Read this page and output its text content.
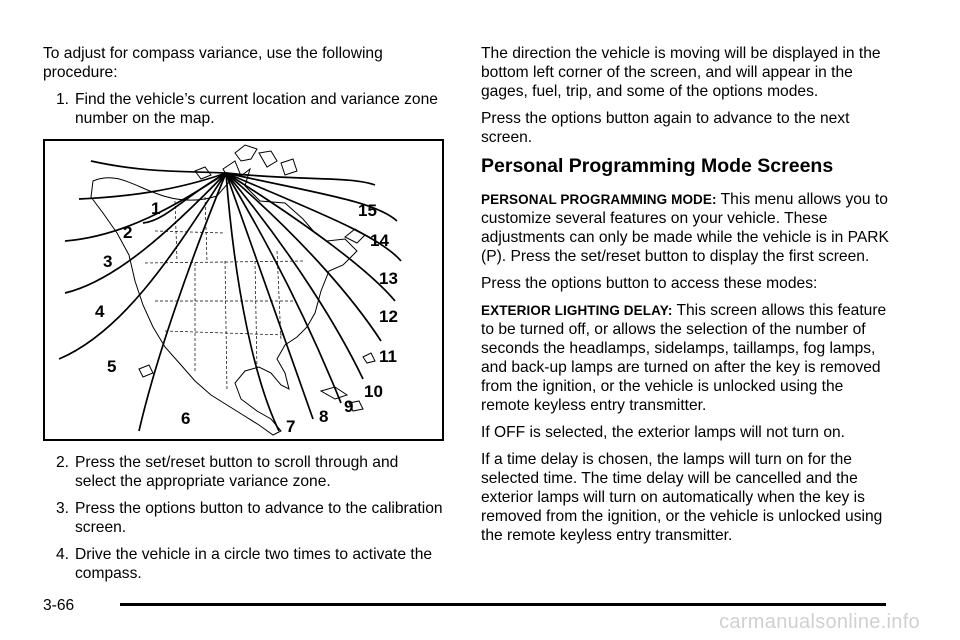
To adjust for compass variance, use the following procedure:

1. Find the vehicle’s current location and variance zone number on the map.
1
2
3
4
5
6	7
8
9
10
11
12
13
14
15
2. Press the set/reset button to scroll through and select the appropriate variance zone.
3. Press the options button to advance to the calibration screen.
4. Drive the vehicle in a circle two times to activate the compass.

The direction the vehicle is moving will be displayed in the bottom left corner of the screen, and will appear in the gages, fuel, trip, and some of the options modes.

Press the options button again to advance to the next screen.

Personal Programming Mode Screens

PERSONAL PROGRAMMING MODE: This menu allows you to customize several features on your vehicle. These adjustments can only be made while the vehicle is in PARK (P). Press the set/reset button to display the first screen.

Press the options button to access these modes:

EXTERIOR LIGHTING DELAY: This screen allows this feature to be turned off, or allows the selection of the number of seconds the headlamps, sidelamps, taillamps, fog lamps, and back-up lamps are turned on after the key is removed from the ignition, or the vehicle is unlocked using the remote keyless entry transmitter.

If OFF is selected, the exterior lamps will not turn on.

If a time delay is chosen, the lamps will turn on for the selected time. The time delay will be cancelled and the exterior lamps will turn on automatically when the key is removed from the ignition, or the vehicle is unlocked using the remote keyless entry transmitter.

3-66
carmanualsonline.info
